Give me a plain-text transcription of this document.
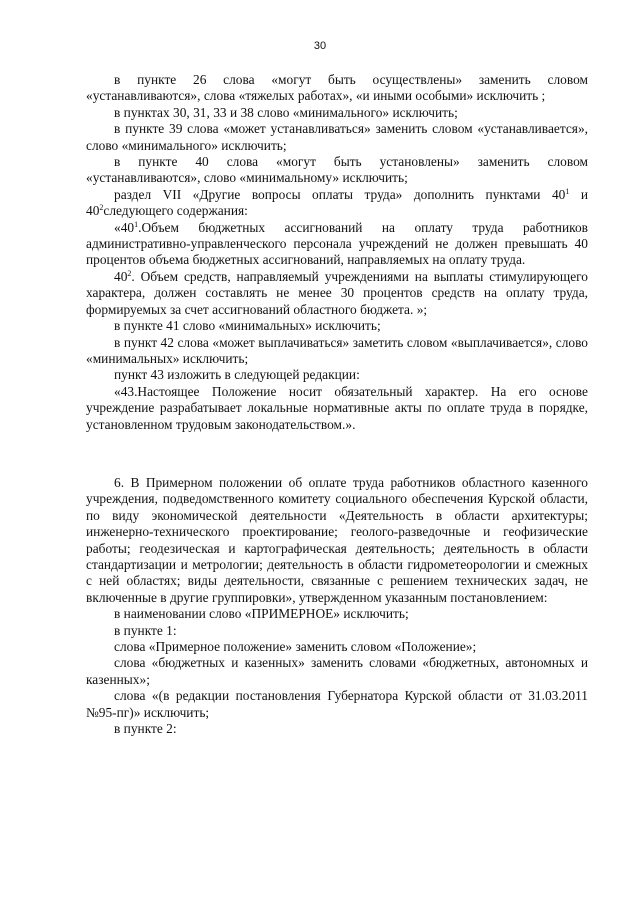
30

в пункте 26 слова «могут быть осуществлены» заменить словом «устанавливаются», слова «тяжелых работах», «и иными особыми» исключить ;

в пунктах 30, 31, 33 и 38 слово «минимального» исключить;

в пункте 39 слова «может устанавливаться» заменить словом «устанавливается», слово «минимального» исключить;

в пункте 40 слова «могут быть установлены» заменить словом «устанавливаются», слово «минимальному» исключить;

раздел VII «Другие вопросы оплаты труда» дополнить пунктами $40^1$ и $40^2следующего$ содержания:

«$40^1.Объем$ бюджетных ассигнований на оплату труда работников административно-управленческого персонала учреждений не должен превышать 40 процентов объема бюджетных ассигнований, направляемых на оплату труда.

$40^2$. Объем средств, направляемый учреждениями на выплаты стимулирующего характера, должен составлять не менее 30 процентов средств на оплату труда, формируемых за счет ассигнований областного бюджета. »;

в пункте 41 слово «минимальных» исключить;

в пункт 42 слова «может выплачиваться» заметить словом «выплачивается», слово «минимальных» исключить;

пункт 43 изложить в следующей редакции:

«43.Настоящее Положение носит обязательный характер. На его основе учреждение разрабатывает локальные нормативные акты по оплате труда в порядке, установленном трудовым законодательством.».

6. В Примерном положении об оплате труда работников областного казенного учреждения, подведомственного комитету социального обеспечения Курской области, по виду экономической деятельности «Деятельность в области архитектуры; инженерно-технического проектирование; геолого-разведочные и геофизические работы; геодезическая и картографическая деятельность; деятельность в области стандартизации и метрологии; деятельность в области гидрометеорологии и смежных с ней областях; виды деятельности, связанные с решением технических задач, не включенные в другие группировки», утвержденном указанным постановлением:

в наименовании слово «ПРИМЕРНОЕ» исключить;

в пункте 1:

слова «Примерное положение» заменить словом «Положение»;

слова «бюджетных и казенных» заменить словами «бюджетных, автономных и казенных»;

слова «(в редакции постановления Губернатора Курской области от 31.03.2011 №95-пг)» исключить;

в пункте 2:
